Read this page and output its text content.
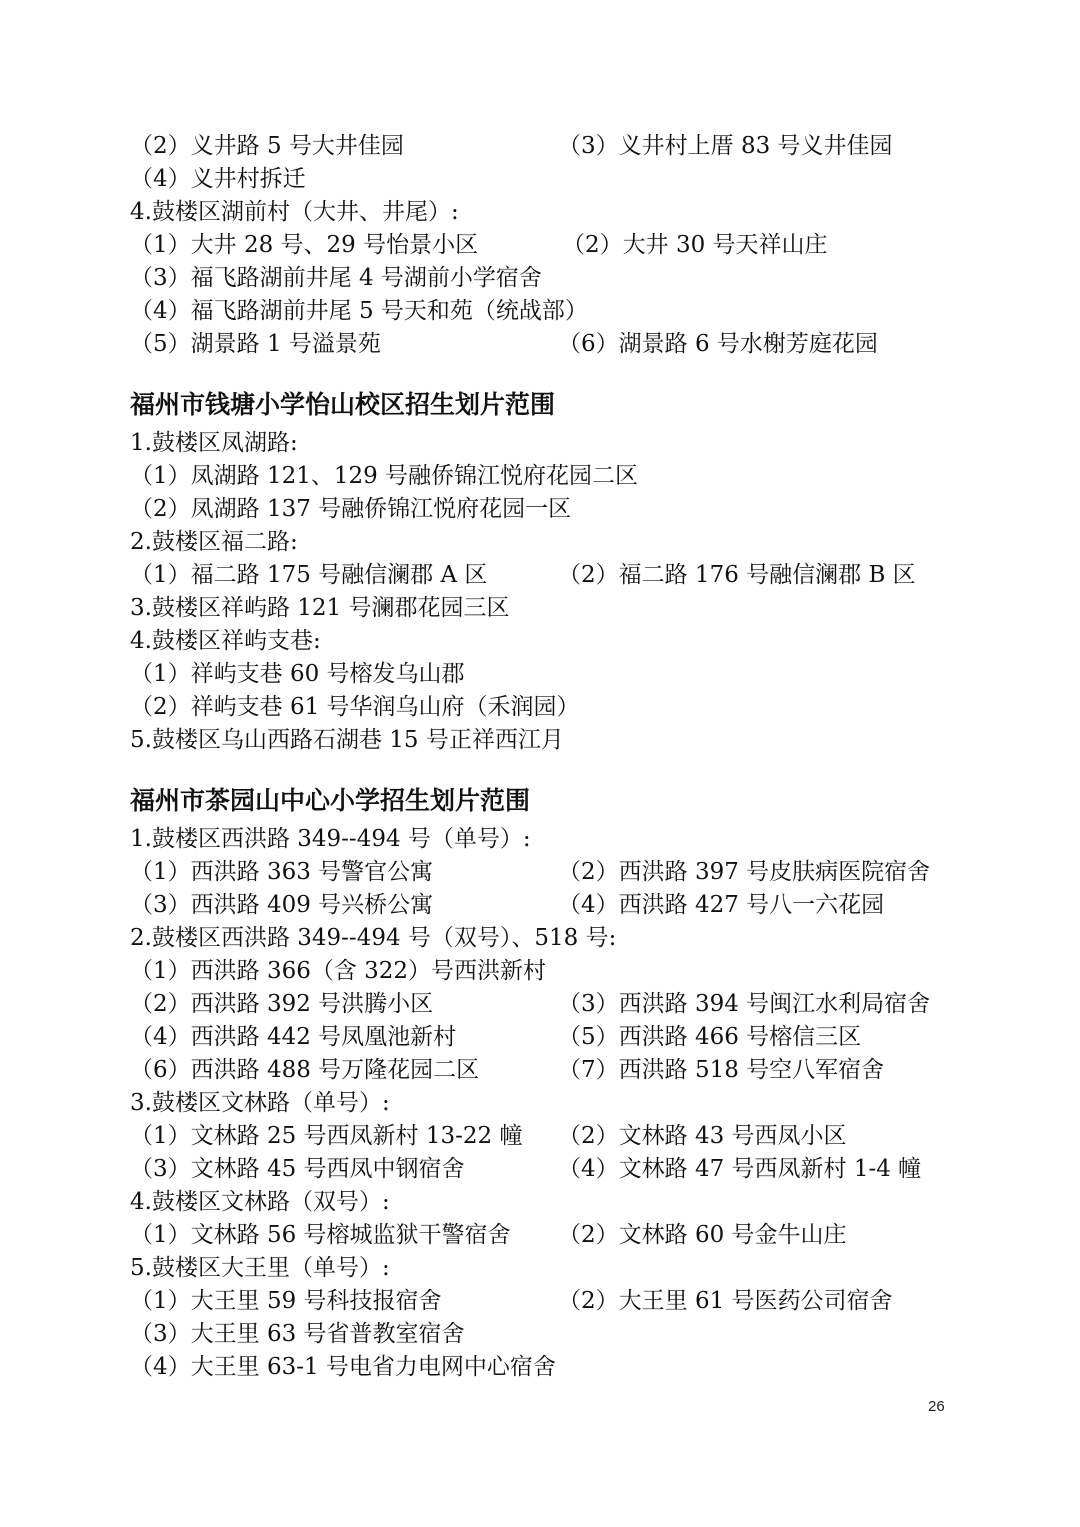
（2）义井路 5 号大井佳园	（3）义井村上厝 83 号义井佳园
（4）义井村拆迁
4.鼓楼区湖前村（大井、井尾）:
（1）大井 28 号、29 号怡景小区	（2）大井 30 号天祥山庄
（3）福飞路湖前井尾 4 号湖前小学宿舍
（4）福飞路湖前井尾 5 号天和苑（统战部）
（5）湖景路 1 号溢景苑	（6）湖景路 6 号水榭芳庭花园
福州市钱塘小学怡山校区招生划片范围
1.鼓楼区凤湖路:
（1）凤湖路 121、129 号融侨锦江悦府花园二区
（2）凤湖路 137 号融侨锦江悦府花园一区
2.鼓楼区福二路:
（1）福二路 175 号融信澜郡 A 区	（2）福二路 176 号融信澜郡 B 区
3.鼓楼区祥屿路 121 号澜郡花园三区
4.鼓楼区祥屿支巷:
（1）祥屿支巷 60 号榕发乌山郡
（2）祥屿支巷 61 号华润乌山府（禾润园）
5.鼓楼区乌山西路石湖巷 15 号正祥西江月
福州市茶园山中心小学招生划片范围
1.鼓楼区西洪路 349--494 号（单号）:
（1）西洪路 363 号警官公寓	（2）西洪路 397 号皮肤病医院宿舍
（3）西洪路 409 号兴桥公寓	（4）西洪路 427 号八一六花园
2.鼓楼区西洪路 349--494 号（双号）、518 号:
（1）西洪路 366（含 322）号西洪新村
（2）西洪路 392 号洪腾小区	（3）西洪路 394 号闽江水利局宿舍
（4）西洪路 442 号凤凰池新村	（5）西洪路 466 号榕信三区
（6）西洪路 488 号万隆花园二区	（7）西洪路 518 号空八军宿舍
3.鼓楼区文林路（单号）:
（1）文林路 25 号西凤新村 13-22 幢 （2）文林路 43 号西凤小区
（3）文林路 45 号西凤中钢宿舍	（4）文林路 47 号西凤新村 1-4 幢
4.鼓楼区文林路（双号）:
（1）文林路 56 号榕城监狱干警宿舍 （2）文林路 60 号金牛山庄
5.鼓楼区大王里（单号）:
（1）大王里 59 号科技报宿舍	（2）大王里 61 号医药公司宿舍
（3）大王里 63 号省普教室宿舍
（4）大王里 63-1 号电省力电网中心宿舍
26
